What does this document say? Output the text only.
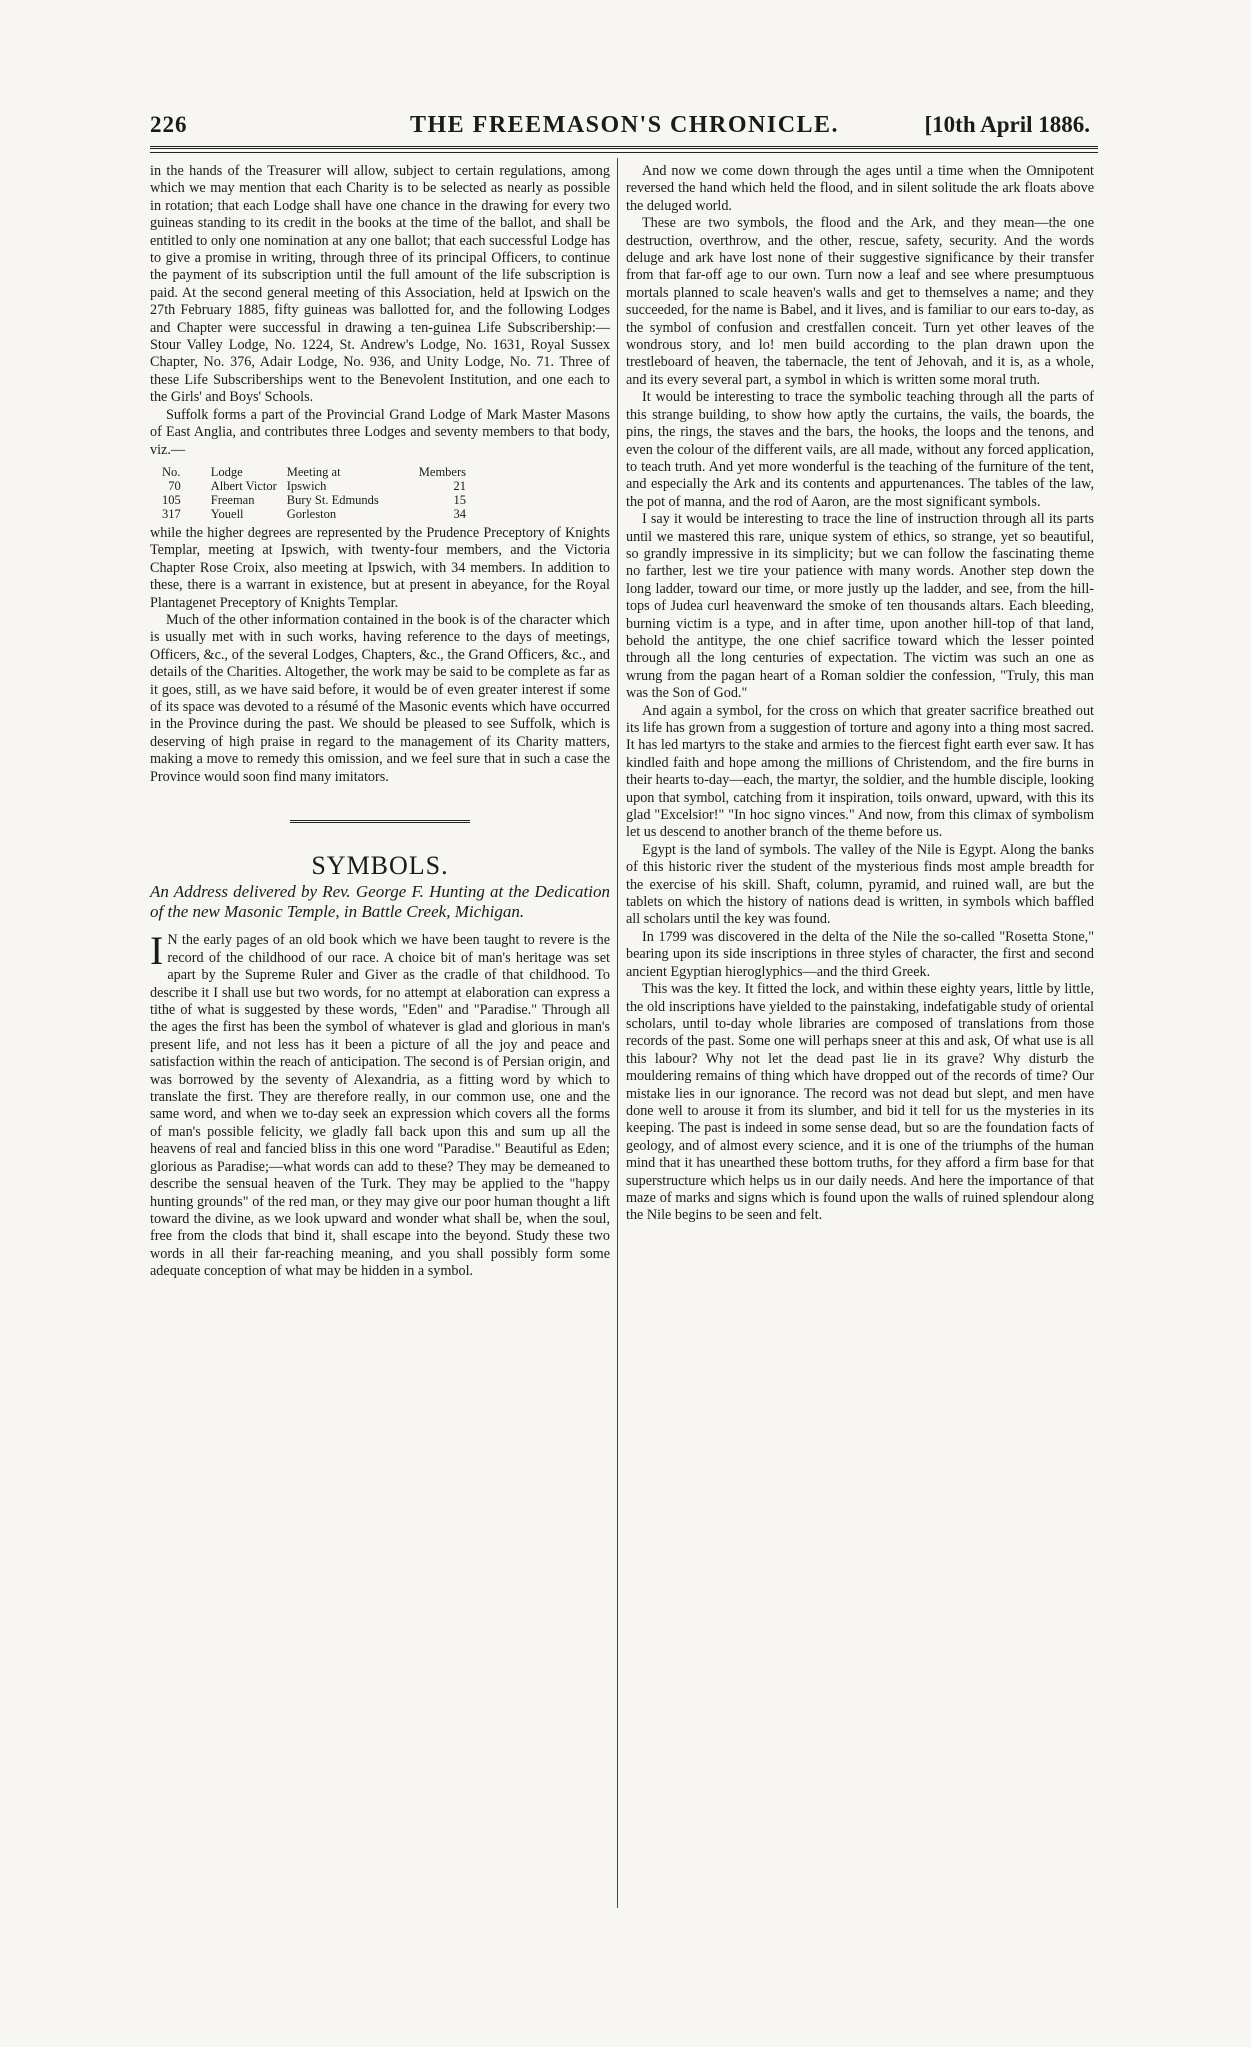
226	THE FREEMASON'S CHRONICLE.	[10th April 1886.

in the hands of the Treasurer will allow, subject to certain regulations, among which we may mention that each Charity is to be selected as nearly as possible in rotation; that each Lodge shall have one chance in the drawing for every two guineas standing to its credit in the books at the time of the ballot, and shall be entitled to only one nomination at any one ballot; that each successful Lodge has to give a promise in writing, through three of its principal Officers, to continue the payment of its subscription until the full amount of the life subscription is paid. At the second general meeting of this Association, held at Ipswich on the 27th February 1885, fifty guineas was ballotted for, and the following Lodges and Chapter were successful in drawing a ten-guinea Life Subscribership:—Stour Valley Lodge, No. 1224, St. Andrew's Lodge, No. 1631, Royal Sussex Chapter, No. 376, Adair Lodge, No. 936, and Unity Lodge, No. 71. Three of these Life Subscriberships went to the Benevolent Institution, and one each to the Girls' and Boys' Schools.

Suffolk forms a part of the Provincial Grand Lodge of Mark Master Masons of East Anglia, and contributes three Lodges and seventy members to that body, viz.—

No.	Lodge	Meeting at	Members
70	Albert Victor	Ipswich	21
105	Freeman	Bury St. Edmunds	15
317	Youell	Gorleston	34

while the higher degrees are represented by the Prudence Preceptory of Knights Templar, meeting at Ipswich, with twenty-four members, and the Victoria Chapter Rose Croix, also meeting at Ipswich, with 34 members. In addition to these, there is a warrant in existence, but at present in abeyance, for the Royal Plantagenet Preceptory of Knights Templar.

Much of the other information contained in the book is of the character which is usually met with in such works, having reference to the days of meetings, Officers, &c., of the several Lodges, Chapters, &c., the Grand Officers, &c., and details of the Charities. Altogether, the work may be said to be complete as far as it goes, still, as we have said before, it would be of even greater interest if some of its space was devoted to a résumé of the Masonic events which have occurred in the Province during the past. We should be pleased to see Suffolk, which is deserving of high praise in regard to the management of its Charity matters, making a move to remedy this omission, and we feel sure that in such a case the Province would soon find many imitators.

SYMBOLS.

An Address delivered by Rev. George F. Hunting at the Dedication of the new Masonic Temple, in Battle Creek, Michigan.

I N the early pages of an old book which we have been taught to revere is the record of the childhood of our race. A choice bit of man's heritage was set apart by the Supreme Ruler and Giver as the cradle of that childhood. To describe it I shall use but two words, for no attempt at elaboration can express a tithe of what is suggested by these words, "Eden" and "Paradise." Through all the ages the first has been the symbol of whatever is glad and glorious in man's present life, and not less has it been a picture of all the joy and peace and satisfaction within the reach of anticipation. The second is of Persian origin, and was borrowed by the seventy of Alexandria, as a fitting word by which to translate the first. They are therefore really, in our common use, one and the same word, and when we to-day seek an expression which covers all the forms of man's possible felicity, we gladly fall back upon this and sum up all the heavens of real and fancied bliss in this one word "Paradise." Beautiful as Eden; glorious as Paradise;—what words can add to these? They may be demeaned to describe the sensual heaven of the Turk. They may be applied to the "happy hunting grounds" of the red man, or they may give our poor human thought a lift toward the divine, as we look upward and wonder what shall be, when the soul, free from the clods that bind it, shall escape into the beyond. Study these two words in all their far-reaching meaning, and you shall possibly form some adequate conception of what may be hidden in a symbol.

And now we come down through the ages until a time when the Omnipotent reversed the hand which held the flood, and in silent solitude the ark floats above the deluged world.

These are two symbols, the flood and the Ark, and they mean—the one destruction, overthrow, and the other, rescue, safety, security. And the words deluge and ark have lost none of their suggestive significance by their transfer from that far-off age to our own. Turn now a leaf and see where presumptuous mortals planned to scale heaven's walls and get to themselves a name; and they succeeded, for the name is Babel, and it lives, and is familiar to our ears to-day, as the symbol of confusion and crestfallen conceit. Turn yet other leaves of the wondrous story, and lo! men build according to the plan drawn upon the trestleboard of heaven, the tabernacle, the tent of Jehovah, and it is, as a whole, and its every several part, a symbol in which is written some moral truth.

It would be interesting to trace the symbolic teaching through all the parts of this strange building, to show how aptly the curtains, the vails, the boards, the pins, the rings, the staves and the bars, the hooks, the loops and the tenons, and even the colour of the different vails, are all made, without any forced application, to teach truth. And yet more wonderful is the teaching of the furniture of the tent, and especially the Ark and its contents and appurtenances. The tables of the law, the pot of manna, and the rod of Aaron, are the most significant symbols.

I say it would be interesting to trace the line of instruction through all its parts until we mastered this rare, unique system of ethics, so strange, yet so beautiful, so grandly impressive in its simplicity; but we can follow the fascinating theme no farther, lest we tire your patience with many words. Another step down the long ladder, toward our time, or more justly up the ladder, and see, from the hill-tops of Judea curl heavenward the smoke of ten thousands altars. Each bleeding, burning victim is a type, and in after time, upon another hill-top of that land, behold the antitype, the one chief sacrifice toward which the lesser pointed through all the long centuries of expectation. The victim was such an one as wrung from the pagan heart of a Roman soldier the confession, "Truly, this man was the Son of God."

And again a symbol, for the cross on which that greater sacrifice breathed out its life has grown from a suggestion of torture and agony into a thing most sacred. It has led martyrs to the stake and armies to the fiercest fight earth ever saw. It has kindled faith and hope among the millions of Christendom, and the fire burns in their hearts to-day—each, the martyr, the soldier, and the humble disciple, looking upon that symbol, catching from it inspiration, toils onward, upward, with this its glad "Excelsior!" "In hoc signo vinces." And now, from this climax of symbolism let us descend to another branch of the theme before us.

Egypt is the land of symbols. The valley of the Nile is Egypt. Along the banks of this historic river the student of the mysterious finds most ample breadth for the exercise of his skill. Shaft, column, pyramid, and ruined wall, are but the tablets on which the history of nations dead is written, in symbols which baffled all scholars until the key was found.

In 1799 was discovered in the delta of the Nile the so-called "Rosetta Stone," bearing upon its side inscriptions in three styles of character, the first and second ancient Egyptian hieroglyphics—and the third Greek.

This was the key. It fitted the lock, and within these eighty years, little by little, the old inscriptions have yielded to the painstaking, indefatigable study of oriental scholars, until to-day whole libraries are composed of translations from those records of the past. Some one will perhaps sneer at this and ask, Of what use is all this labour? Why not let the dead past lie in its grave? Why disturb the mouldering remains of thing which have dropped out of the records of time? Our mistake lies in our ignorance. The record was not dead but slept, and men have done well to arouse it from its slumber, and bid it tell for us the mysteries in its keeping. The past is indeed in some sense dead, but so are the foundation facts of geology, and of almost every science, and it is one of the triumphs of the human mind that it has unearthed these bottom truths, for they afford a firm base for that superstructure which helps us in our daily needs. And here the importance of that maze of marks and signs which is found upon the walls of ruined splendour along the Nile begins to be seen and felt.
